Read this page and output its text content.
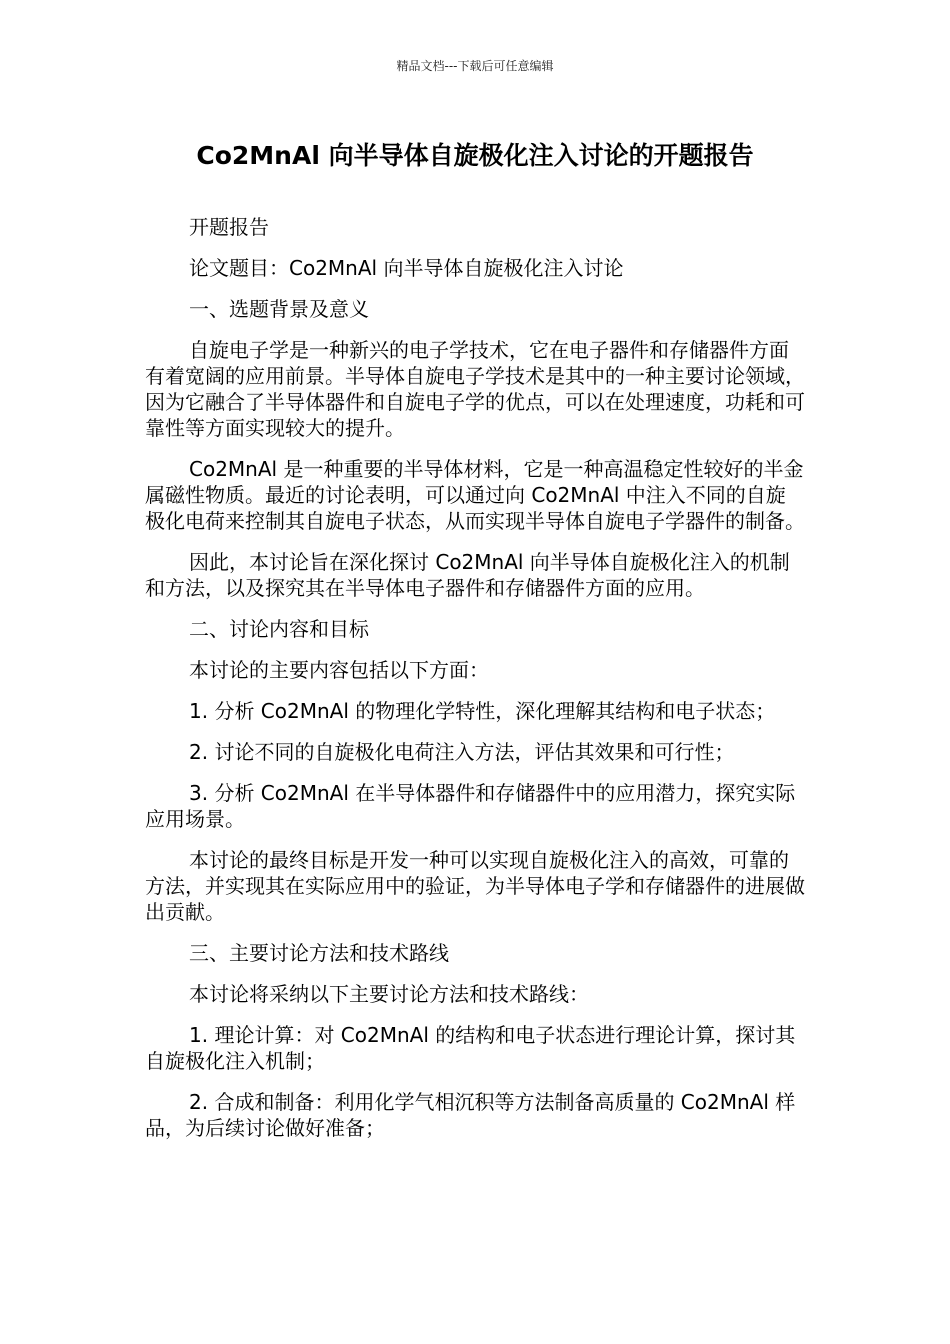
精品文档---下载后可任意编辑
Co2MnAl 向半导体自旋极化注入讨论的开题报告

开题报告

论文题目：Co2MnAl 向半导体自旋极化注入讨论

一、选题背景及意义

自旋电子学是一种新兴的电子学技术，它在电子器件和存储器件方面有着宽阔的应用前景。半导体自旋电子学技术是其中的一种主要讨论领域，因为它融合了半导体器件和自旋电子学的优点，可以在处理速度，功耗和可靠性等方面实现较大的提升。

Co2MnAl 是一种重要的半导体材料，它是一种高温稳定性较好的半金属磁性物质。最近的讨论表明，可以通过向 Co2MnAl 中注入不同的自旋极化电荷来控制其自旋电子状态，从而实现半导体自旋电子学器件的制备。

因此，本讨论旨在深化探讨 Co2MnAl 向半导体自旋极化注入的机制和方法，以及探究其在半导体电子器件和存储器件方面的应用。

二、讨论内容和目标

本讨论的主要内容包括以下方面：

1. 分析 Co2MnAl 的物理化学特性，深化理解其结构和电子状态；

2. 讨论不同的自旋极化电荷注入方法，评估其效果和可行性；

3. 分析 Co2MnAl 在半导体器件和存储器件中的应用潜力，探究实际应用场景。

本讨论的最终目标是开发一种可以实现自旋极化注入的高效，可靠的方法，并实现其在实际应用中的验证，为半导体电子学和存储器件的进展做出贡献。

三、主要讨论方法和技术路线

本讨论将采纳以下主要讨论方法和技术路线：

1. 理论计算：对 Co2MnAl 的结构和电子状态进行理论计算，探讨其自旋极化注入机制；

2. 合成和制备：利用化学气相沉积等方法制备高质量的 Co2MnAl 样品，为后续讨论做好准备；
